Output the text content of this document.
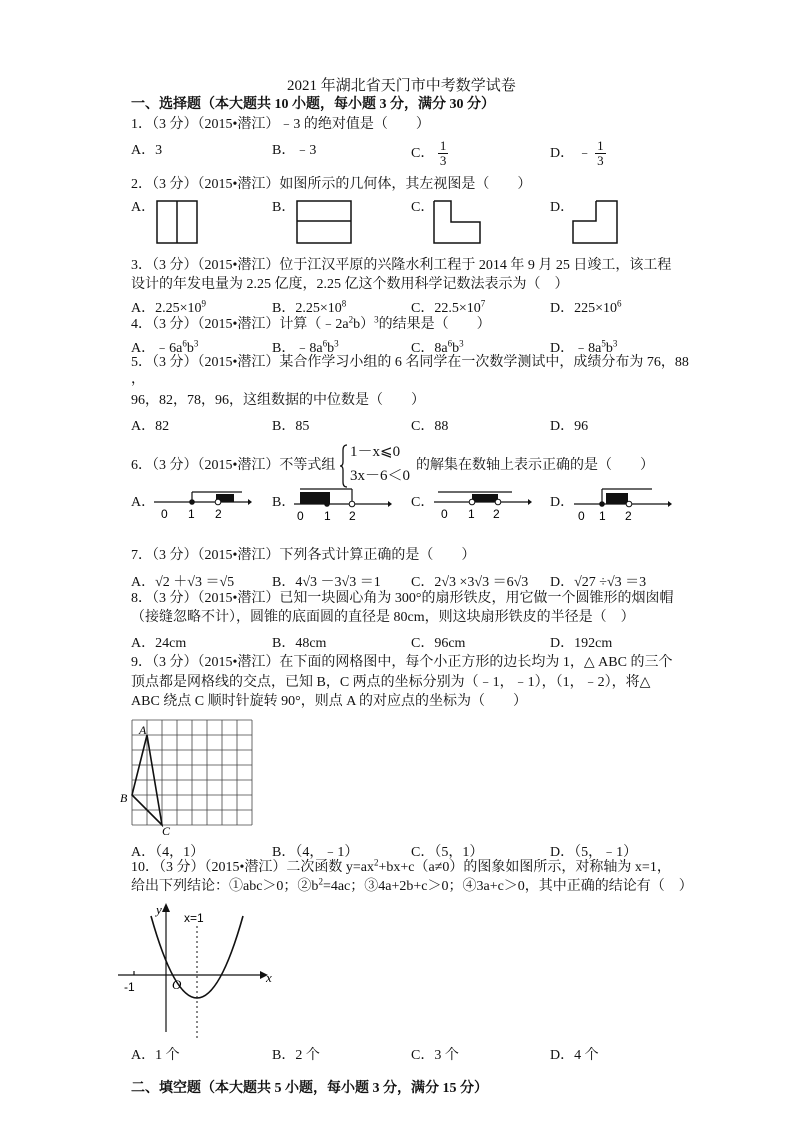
2021 年湖北省天门市中考数学试卷
一、选择题（本大题共 10 小题，每小题 3 分，满分 30 分）
1．（3 分）（2015•潜江）﹣3 的绝对值是（　　）
A．3	B．﹣3	C． $\frac{1}{3}$	D． ﹣ $\frac{1}{3}$
2．（3 分）（2015•潜江）如图所示的几何体，其左视图是（　　）
A．	B．	C．	D．
3．（3 分）（2015•潜江）位于江汉平原的兴隆水利工程于 2014 年 9 月 25 日竣工，该工程
设计的年发电量为 2.25 亿度，2.25 亿这个数用科学记数法表示为（　）
A．$2.25\times 10^9$	B．$2.25\times 10^8$	C．$22.5\times 10^7$	D．$225\times 10^6$
4．（3 分）（2015•潜江）计算$(﹣2a^2b)^3$的结果是（　　）
A．$﹣6a^6b^3$	B．$﹣8a^6b^3$	C．$8a^6b^3$	D．$﹣8a^5b^3$
5．（3 分）（2015•潜江）某合作学习小组的 6 名同学在一次数学测试中，成绩分布为 76，88
，
96，82，78，96，这组数据的中位数是（　　）
A．82	B．85	C．88	D．96
6．（3 分）（2015•潜江）不等式组
1－x⩽0
3x－6＜0
的解集在数轴上表示正确的是（　　）
A．	B．	C．	D．
0 1 2	0 1 2	0 1 2	0 1 2
7．（3 分）（2015•潜江）下列各式计算正确的是（　　）
A．√2 ＋√3 ＝√5	B．4√3 －3√3 ＝1 C．2√3 ×3√3 ＝6√3 D．√27 ÷√3 ＝3
8．（3 分）（2015•潜江）已知一块圆心角为 300°的扇形铁皮，用它做一个圆锥形的烟囱帽
（接缝忽略不计），圆锥的底面圆的直径是 80cm，则这块扇形铁皮的半径是（　）
A．24cm	B．48cm	C．96cm	D．192cm
9．（3 分）（2015•潜江）在下面的网格图中，每个小正方形的边长均为 1，△ ABC 的三个
顶点都是网格线的交点，已知 B，C 两点的坐标分别为（﹣1，﹣1），（1，﹣2），将△
ABC 绕点 C 顺时针旋转 90°，则点 A 的对应点的坐标为（　　）
A
B
C
A．（4，1）	B．（4，﹣1）	C．（5，1）	D．（5，﹣1）
10．（3 分）（2015•潜江）二次函数 $y=ax^2+bx+c(a\ne 0)$的图象如图所示，对称轴为 x=1，
给出下列结论：①abc＞0；$②b^2=4ac$；③4a+2b+c＞0；④3a+c＞0，其中正确的结论有（　）
y
x
O
-1
x=1
A．1 个	B．2 个	C．3 个	D．4 个
二、填空题（本大题共 5 小题，每小题 3 分，满分 15 分）
